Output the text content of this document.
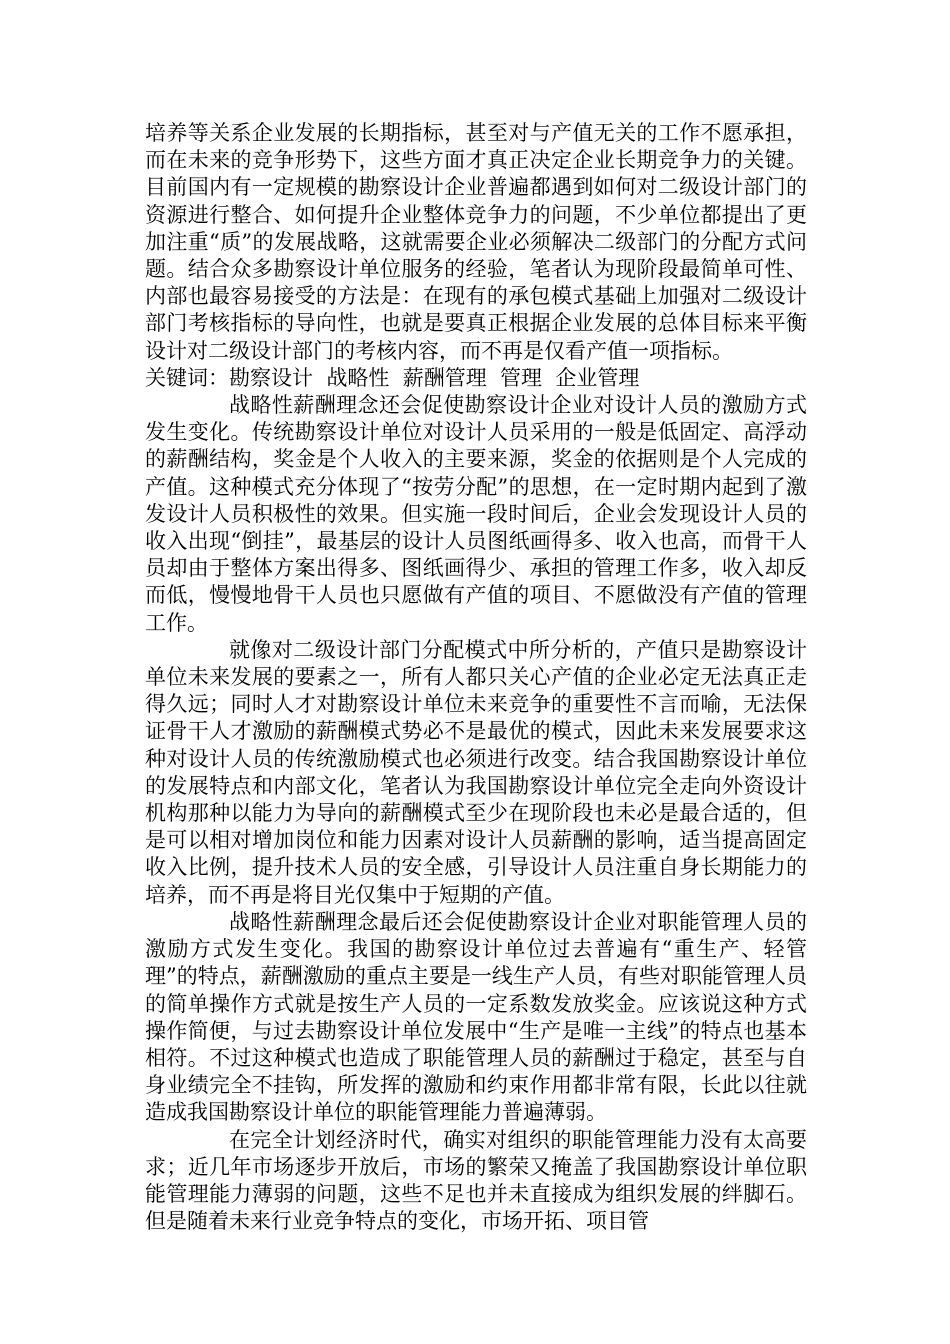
培养等关系企业发展的长期指标，甚至对与产值无关的工作不愿承担，而在未来的竞争形势下，这些方面才真正决定企业长期竞争力的关键。目前国内有一定规模的勘察设计企业普遍都遇到如何对二级设计部门的资源进行整合、如何提升企业整体竞争力的问题，不少单位都提出了更加注重“质”的发展战略，这就需要企业必须解决二级部门的分配方式问题。结合众多勘察设计单位服务的经验，笔者认为现阶段最简单可性、内部也最容易接受的方法是：在现有的承包模式基础上加强对二级设计部门考核指标的导向性，也就是要真正根据企业发展的总体目标来平衡设计对二级设计部门的考核内容，而不再是仅看产值一项指标。

关键词：勘察设计  战略性  薪酬管理  管理  企业管理

战略性薪酬理念还会促使勘察设计企业对设计人员的激励方式发生变化。传统勘察设计单位对设计人员采用的一般是低固定、高浮动的薪酬结构，奖金是个人收入的主要来源，奖金的依据则是个人完成的产值。这种模式充分体现了“按劳分配”的思想，在一定时期内起到了激发设计人员积极性的效果。但实施一段时间后，企业会发现设计人员的收入出现“倒挂”，最基层的设计人员图纸画得多、收入也高，而骨干人员却由于整体方案出得多、图纸画得少、承担的管理工作多，收入却反而低，慢慢地骨干人员也只愿做有产值的项目、不愿做没有产值的管理工作。

就像对二级设计部门分配模式中所分析的，产值只是勘察设计单位未来发展的要素之一，所有人都只关心产值的企业必定无法真正走得久远；同时人才对勘察设计单位未来竞争的重要性不言而喻，无法保证骨干人才激励的薪酬模式势必不是最优的模式，因此未来发展要求这种对设计人员的传统激励模式也必须进行改变。结合我国勘察设计单位的发展特点和内部文化，笔者认为我国勘察设计单位完全走向外资设计机构那种以能力为导向的薪酬模式至少在现阶段也未必是最合适的，但是可以相对增加岗位和能力因素对设计人员薪酬的影响，适当提高固定收入比例，提升技术人员的安全感，引导设计人员注重自身长期能力的培养，而不再是将目光仅集中于短期的产值。

战略性薪酬理念最后还会促使勘察设计企业对职能管理人员的激励方式发生变化。我国的勘察设计单位过去普遍有“重生产、轻管理”的特点，薪酬激励的重点主要是一线生产人员，有些对职能管理人员的简单操作方式就是按生产人员的一定系数发放奖金。应该说这种方式操作简便，与过去勘察设计单位发展中“生产是唯一主线”的特点也基本相符。不过这种模式也造成了职能管理人员的薪酬过于稳定，甚至与自身业绩完全不挂钩，所发挥的激励和约束作用都非常有限，长此以往就造成我国勘察设计单位的职能管理能力普遍薄弱。

在完全计划经济时代，确实对组织的职能管理能力没有太高要求；近几年市场逐步开放后，市场的繁荣又掩盖了我国勘察设计单位职能管理能力薄弱的问题，这些不足也并未直接成为组织发展的绊脚石。但是随着未来行业竞争特点的变化，市场开拓、项目管
